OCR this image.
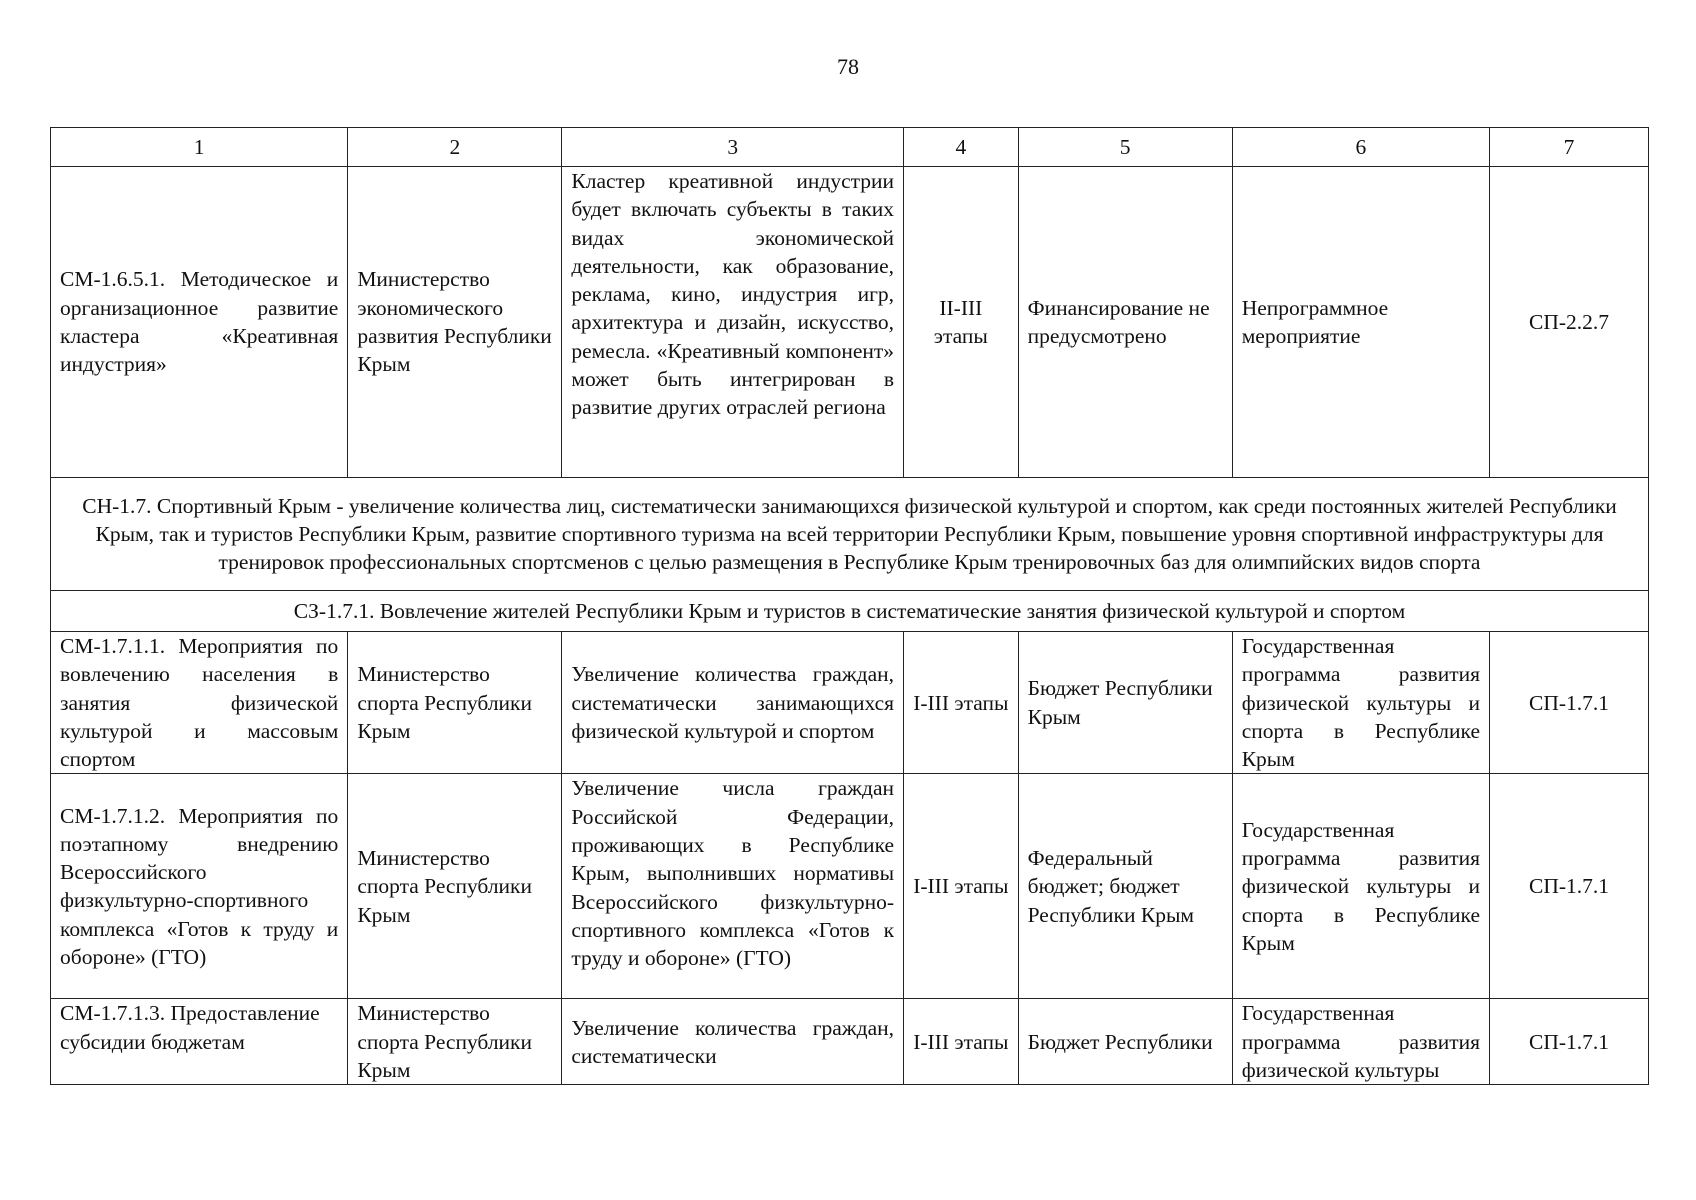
78
1	2	3	4	5	6	7
СМ-1.6.5.1. Методическое и организационное развитие кластера «Креативная индустрия»	Министерство экономического развития Республики Крым	Кластер креативной индустрии будет включать субъекты в таких видах экономической деятельности, как образование, реклама, кино, индустрия игр, архитектура и дизайн, искусство, ремесла. «Креативный компонент» может быть интегрирован в развитие других отраслей региона	II-III этапы	Финансирование не предусмотрено	Непрограммное мероприятие	СП-2.2.7
СН-1.7. Спортивный Крым - увеличение количества лиц, систематически занимающихся физической культурой и спортом, как среди постоянных жителей Республики Крым, так и туристов Республики Крым, развитие спортивного туризма на всей территории Республики Крым, повышение уровня спортивной инфраструктуры для тренировок профессиональных спортсменов с целью размещения в Республике Крым тренировочных баз для олимпийских видов спорта						
СЗ-1.7.1. Вовлечение жителей Республики Крым и туристов в систематические занятия физической культурой и спортом						
СМ-1.7.1.1. Мероприятия по вовлечению населения в занятия физической культурой и массовым спортом	Министерство спорта Республики Крым	Увеличение количества граждан, систематически занимающихся физической культурой и спортом	I-III этапы	Бюджет Республики Крым	Государственная программа развития физической культуры и спорта в Республике Крым	СП-1.7.1
СМ-1.7.1.2. Мероприятия по поэтапному внедрению Всероссийского физкультурно-спортивного комплекса «Готов к труду и обороне» (ГТО)	Министерство спорта Республики Крым	Увеличение числа граждан Российской Федерации, проживающих в Республике Крым, выполнивших нормативы Всероссийского физкультурно-спортивного комплекса «Готов к труду и обороне» (ГТО)	I-III этапы	Федеральный бюджет; бюджет Республики Крым	Государственная программа развития физической культуры и спорта в Республике Крым	СП-1.7.1
СМ-1.7.1.3. Предоставление субсидии бюджетам	Министерство спорта Республики Крым	Увеличение количества граждан, систематически	I-III этапы	Бюджет Республики	Государственная программа развития физической культуры	СП-1.7.1
